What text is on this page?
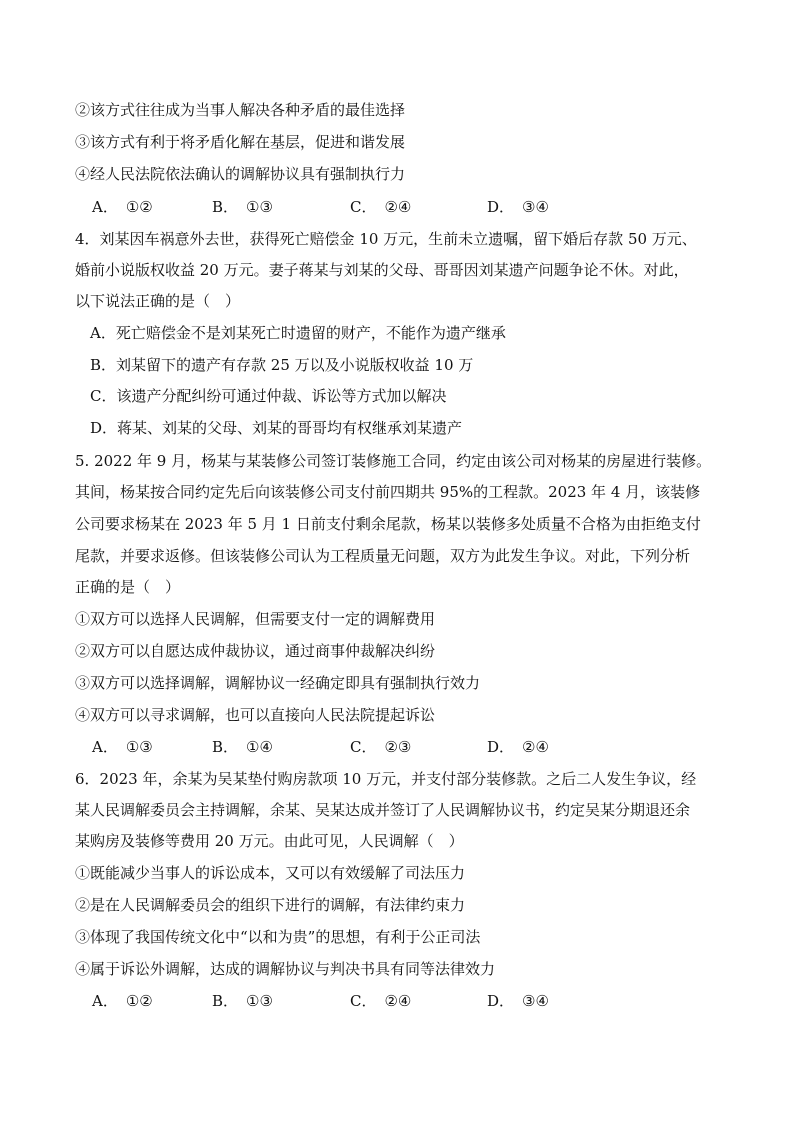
②该方式往往成为当事人解决各种矛盾的最佳选择
③该方式有利于将矛盾化解在基层，促进和谐发展
④经人民法院依法确认的调解协议具有强制执行力
A． ①②	B． ①③	C． ②④	D． ③④
4．刘某因车祸意外去世，获得死亡赔偿金 10 万元，生前未立遗嘱，留下婚后存款 50 万元、
婚前小说版权收益 20 万元。妻子蒋某与刘某的父母、哥哥因刘某遗产问题争论不休。对此，
以下说法正确的是（　）
A．死亡赔偿金不是刘某死亡时遗留的财产，不能作为遗产继承
B．刘某留下的遗产有存款 25 万以及小说版权收益 10 万
C．该遗产分配纠纷可通过仲裁、诉讼等方式加以解决
D．蒋某、刘某的父母、刘某的哥哥均有权继承刘某遗产
5. 2022 年 9 月，杨某与某装修公司签订装修施工合同，约定由该公司对杨某的房屋进行装修。
其间，杨某按合同约定先后向该装修公司支付前四期共 95%的工程款。2023 年 4 月，该装修
公司要求杨某在 2023 年 5 月 1 日前支付剩余尾款，杨某以装修多处质量不合格为由拒绝支付
尾款，并要求返修。但该装修公司认为工程质量无问题，双方为此发生争议。对此，下列分析
正确的是（　）
①双方可以选择人民调解，但需要支付一定的调解费用
②双方可以自愿达成仲裁协议，通过商事仲裁解决纠纷
③双方可以选择调解，调解协议一经确定即具有强制执行效力
④双方可以寻求调解，也可以直接向人民法院提起诉讼
A． ①③	B． ①④	C． ②③	D． ②④
6．2023 年，余某为吴某垫付购房款项 10 万元，并支付部分装修款。之后二人发生争议，经
某人民调解委员会主持调解，余某、吴某达成并签订了人民调解协议书，约定吴某分期退还余
某购房及装修等费用 20 万元。由此可见，人民调解（　）
①既能减少当事人的诉讼成本，又可以有效缓解了司法压力
②是在人民调解委员会的组织下进行的调解，有法律约束力
③体现了我国传统文化中“以和为贵”的思想，有利于公正司法
④属于诉讼外调解，达成的调解协议与判决书具有同等法律效力
A． ①②	B． ①③	C． ②④	D． ③④
